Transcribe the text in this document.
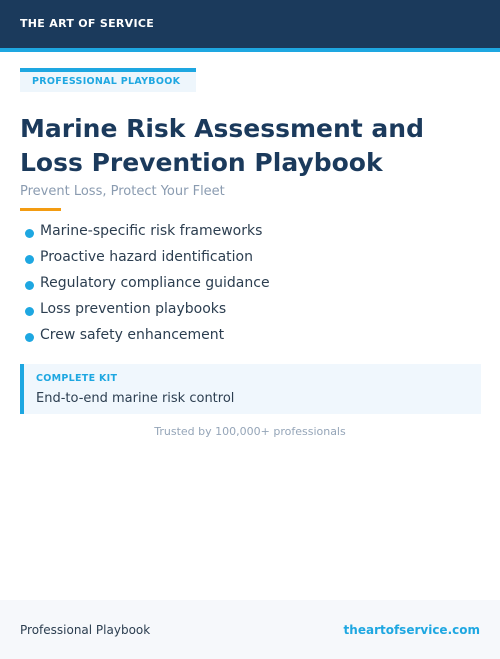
THE ART OF SERVICE
PROFESSIONAL PLAYBOOK
Marine Risk Assessment and Loss Prevention Playbook
Prevent Loss, Protect Your Fleet
Marine-specific risk frameworks
Proactive hazard identification
Regulatory compliance guidance
Loss prevention playbooks
Crew safety enhancement
COMPLETE KIT
End-to-end marine risk control
Trusted by 100,000+ professionals
Professional Playbook	theartofservice.com
